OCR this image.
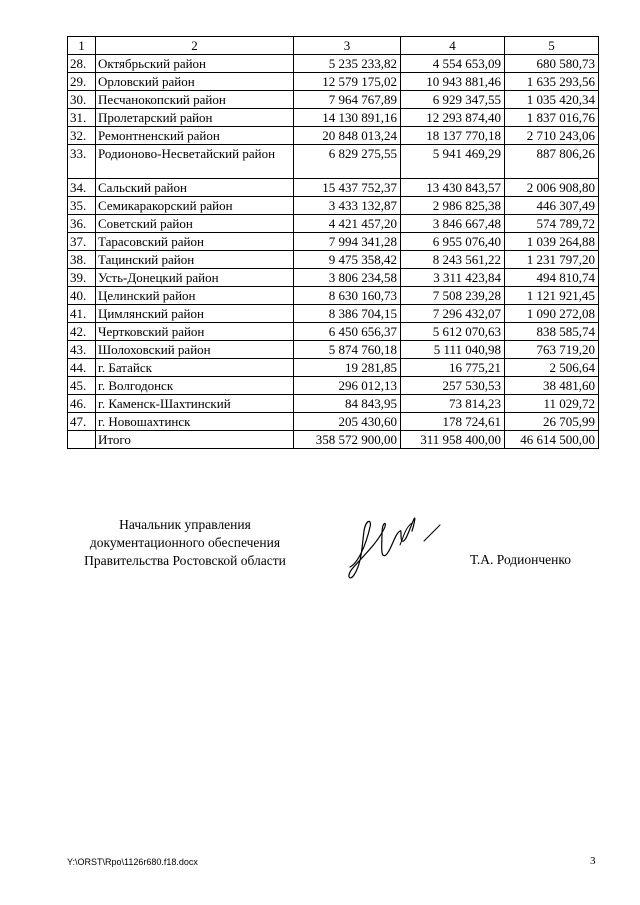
1	2	3	4	5
28.	Октябрьский район	5 235 233,82	4 554 653,09	680 580,73
29.	Орловский район	12 579 175,02	10 943 881,46	1 635 293,56
30.	Песчанокопский район	7 964 767,89	6 929 347,55	1 035 420,34
31.	Пролетарский район	14 130 891,16	12 293 874,40	1 837 016,76
32.	Ремонтненский район	20 848 013,24	18 137 770,18	2 710 243,06
33.	Родионово-Несветайский район	6 829 275,55	5 941 469,29	887 806,26
34.	Сальский район	15 437 752,37	13 430 843,57	2 006 908,80
35.	Семикаракорский район	3 433 132,87	2 986 825,38	446 307,49
36.	Советский район	4 421 457,20	3 846 667,48	574 789,72
37.	Тарасовский район	7 994 341,28	6 955 076,40	1 039 264,88
38.	Тацинский район	9 475 358,42	8 243 561,22	1 231 797,20
39.	Усть-Донецкий район	3 806 234,58	3 311 423,84	494 810,74
40.	Целинский район	8 630 160,73	7 508 239,28	1 121 921,45
41.	Цимлянский район	8 386 704,15	7 296 432,07	1 090 272,08
42.	Чертковский район	6 450 656,37	5 612 070,63	838 585,74
43.	Шолоховский район	5 874 760,18	5 111 040,98	763 719,20
44.	г. Батайск	19 281,85	16 775,21	2 506,64
45.	г. Волгодонск	296 012,13	257 530,53	38 481,60
46.	г. Каменск-Шахтинский	84 843,95	73 814,23	11 029,72
47.	г. Новошахтинск	205 430,60	178 724,61	26 705,99
	Итого	358 572 900,00	311 958 400,00	46 614 500,00
Начальник управления
документационного обеспечения
Правительства Ростовской области	Т.А. Родионченко
Y:\ORST\Rpo\1126r680.f18.docx	3
